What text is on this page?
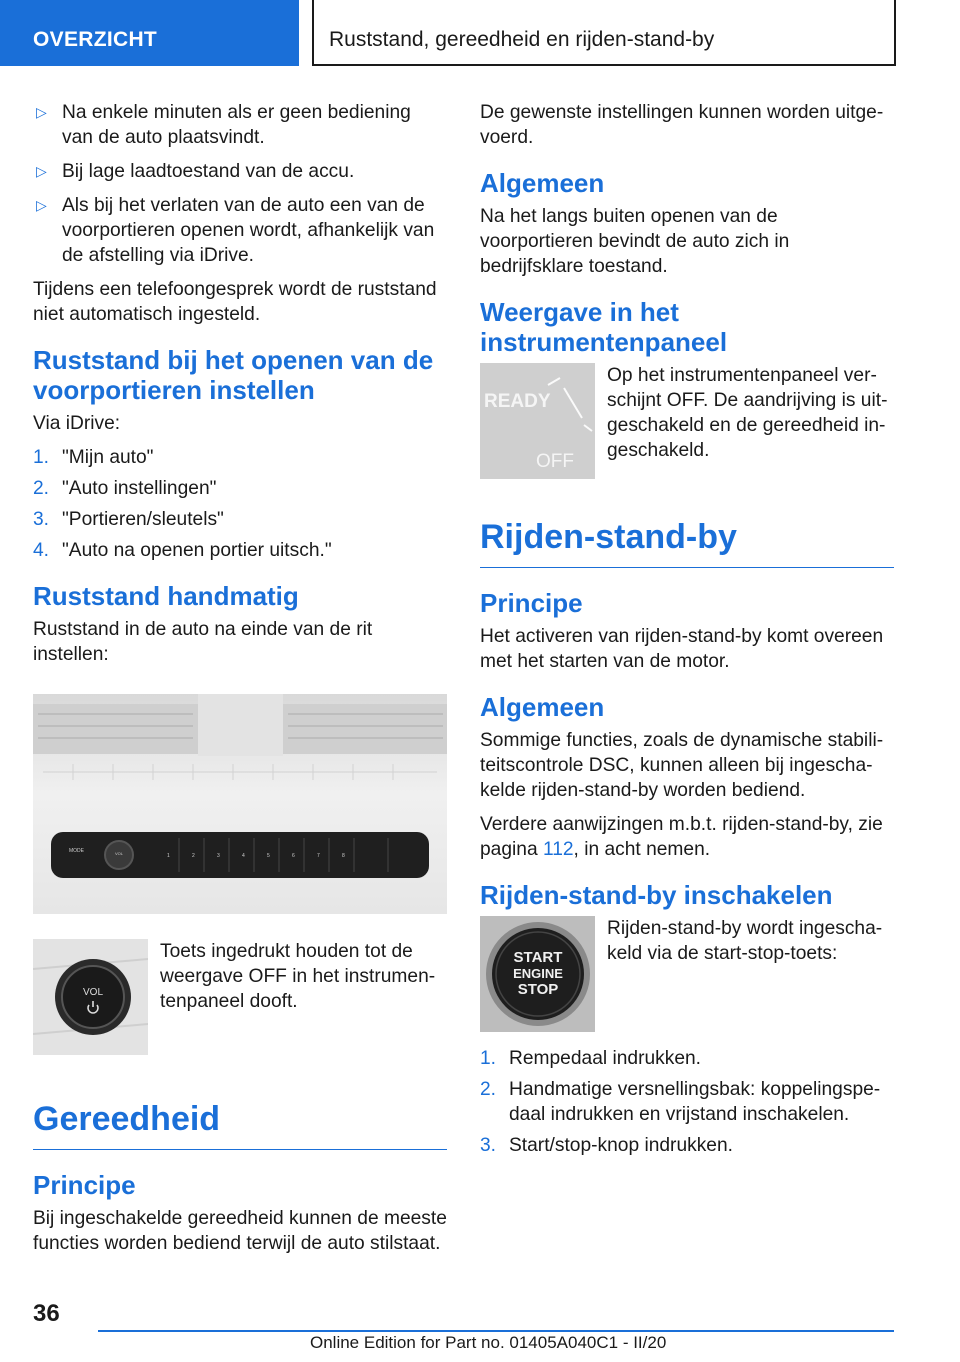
OVERZICHT	Ruststand, gereedheid en rijden-stand-by
▷ Na enkele minuten als er geen bediening van de auto plaatsvindt.
▷ Bij lage laadtoestand van de accu.
▷ Als bij het verlaten van de auto een van de voorportieren openen wordt, afhankelijk van de afstelling via iDrive.

Tijdens een telefoongesprek wordt de ruststand niet automatisch ingesteld.

Ruststand bij het openen van de voorportieren instellen

Via iDrive:

1. "Mijn auto"
2. "Auto instellingen"
3. "Portieren/sleutels"
4. "Auto na openen portier uitsch."
Ruststand handmatig

Ruststand in de auto na einde van de rit instellen:

MODE	VOL	1	2	3	4	5	6	7	8
VOL

Toets ingedrukt houden tot de weergave OFF in het instrumentenpaneel dooft.

Gereedheid
Principe

Bij ingeschakelde gereedheid kunnen de meeste functies worden bediend terwijl de auto stilstaat.

De gewenste instellingen kunnen worden uitgevoerd.

Algemeen

Na het langs buiten openen van de voorportieren bevindt de auto zich in bedrijfsklare toestand.

Weergave in het instrumentenpaneel
READY
OFF

Op het instrumentenpaneel verschijnt OFF. De aandrijving is uitgeschakeld en de gereedheid ingeschakeld.

Rijden-stand-by
Principe

Het activeren van rijden-stand-by komt overeen met het starten van de motor.

Algemeen

Sommige functies, zoals de dynamische stabiliteitscontrole DSC, kunnen alleen bij ingeschakelde rijden-stand-by worden bediend.

Verdere aanwijzingen m.b.t. rijden-stand-by, zie pagina 112, in acht nemen.

Rijden-stand-by inschakelen
START
ENGINE
STOP

Rijden-stand-by wordt ingeschakeld via de start-stop-toets:

1. Rempedaal indrukken.
2. Handmatige versnellingsbak: koppelingspedaal indrukken en vrijstand inschakelen.
3. Start/stop-knop indrukken.
36
Online Edition for Part no. 01405A040C1 - II/20
